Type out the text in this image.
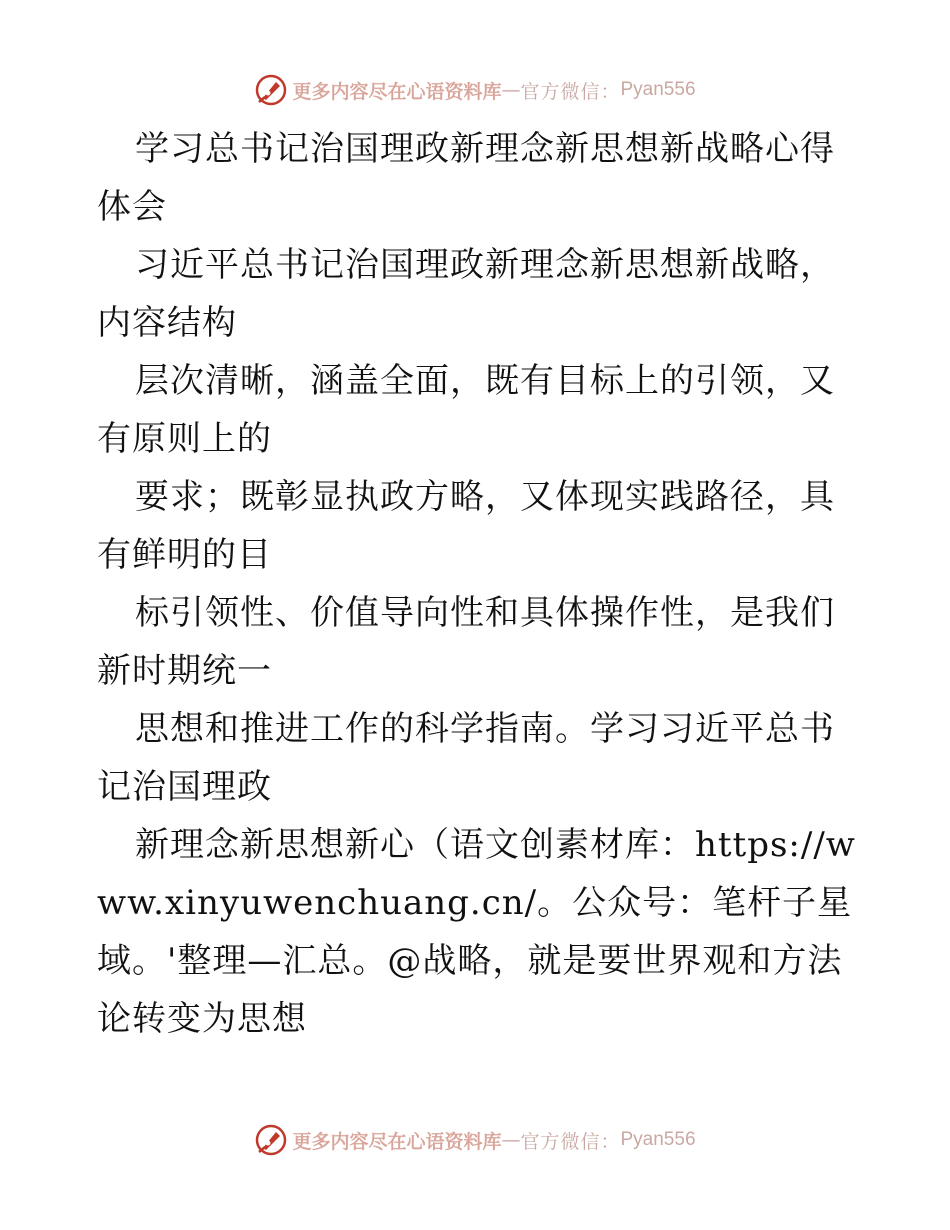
更多内容尽在心语资料库 — 官方微信： Pyan556

学习总书记治国理政新理念新思想新战略心得体会

习近平总书记治国理政新理念新思想新战略，内容结构

层次清晰，涵盖全面，既有目标上的引领，又有原则上的

要求；既彰显执政方略，又体现实践路径，具有鲜明的目

标引领性、价值导向性和具体操作性，是我们新时期统一

思想和推进工作的科学指南。学习习近平总书记治国理政

新理念新思想新心（语文创素材库：https://www.xinyuwenchuang.cn/。公众号：笔杆子星域。'整理—汇总。@战略，就是要世界观和方法论转变为思想

更多内容尽在心语资料库 — 官方微信： Pyan556
